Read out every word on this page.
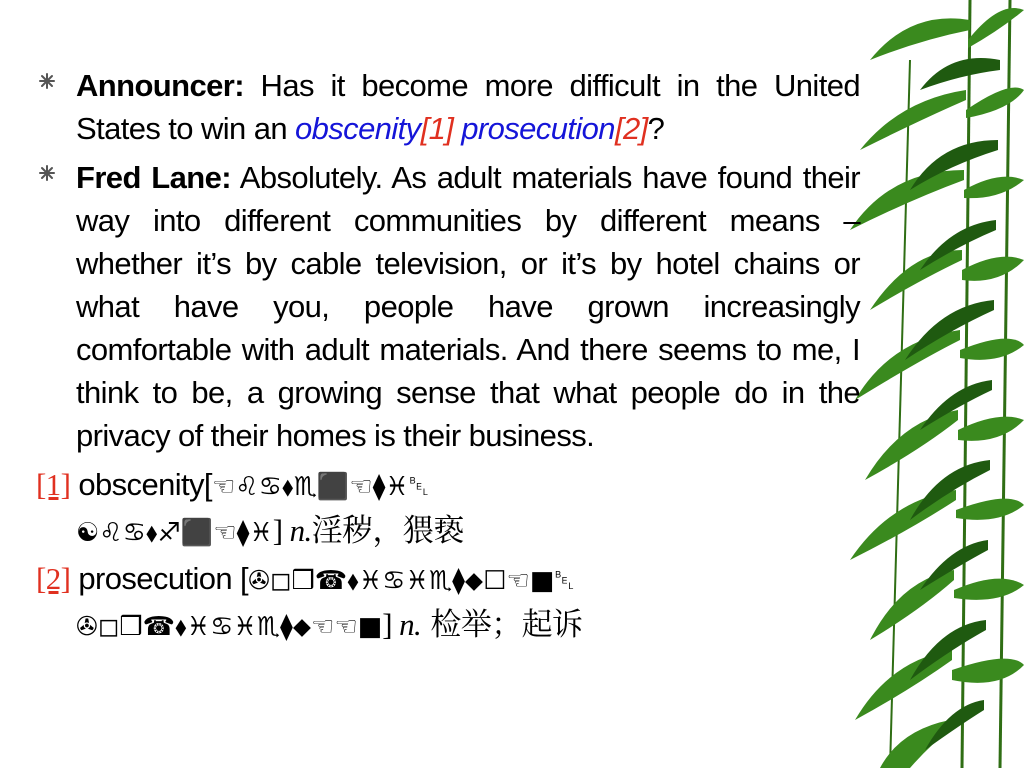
Announcer: Has it become more difficult in the United States to win an obscenity[1] prosecution[2]?
Fred Lane: Absolutely. As adult materials have found their way into different communities by different means – whether it’s by cable television, or it’s by hotel chains or what have you, people have grown increasingly comfortable with adult materials. And there seems to me, I think to be, a growing sense that what people do in the privacy of their homes is their business.
[1] obscenity[☜♌♋⬧♏⬛☜⧫♓␇
☯♌♋⬧♐⬛☜⧫♓] n.淫秽，猥亵
[2] prosecution [✇◻❒☎⬧♓♋♓♏⧫⬥☐☜■␇
✇◻❒☎⬧♓♋♓♏⧫⬥☜☜■] n. 检举；起诉
